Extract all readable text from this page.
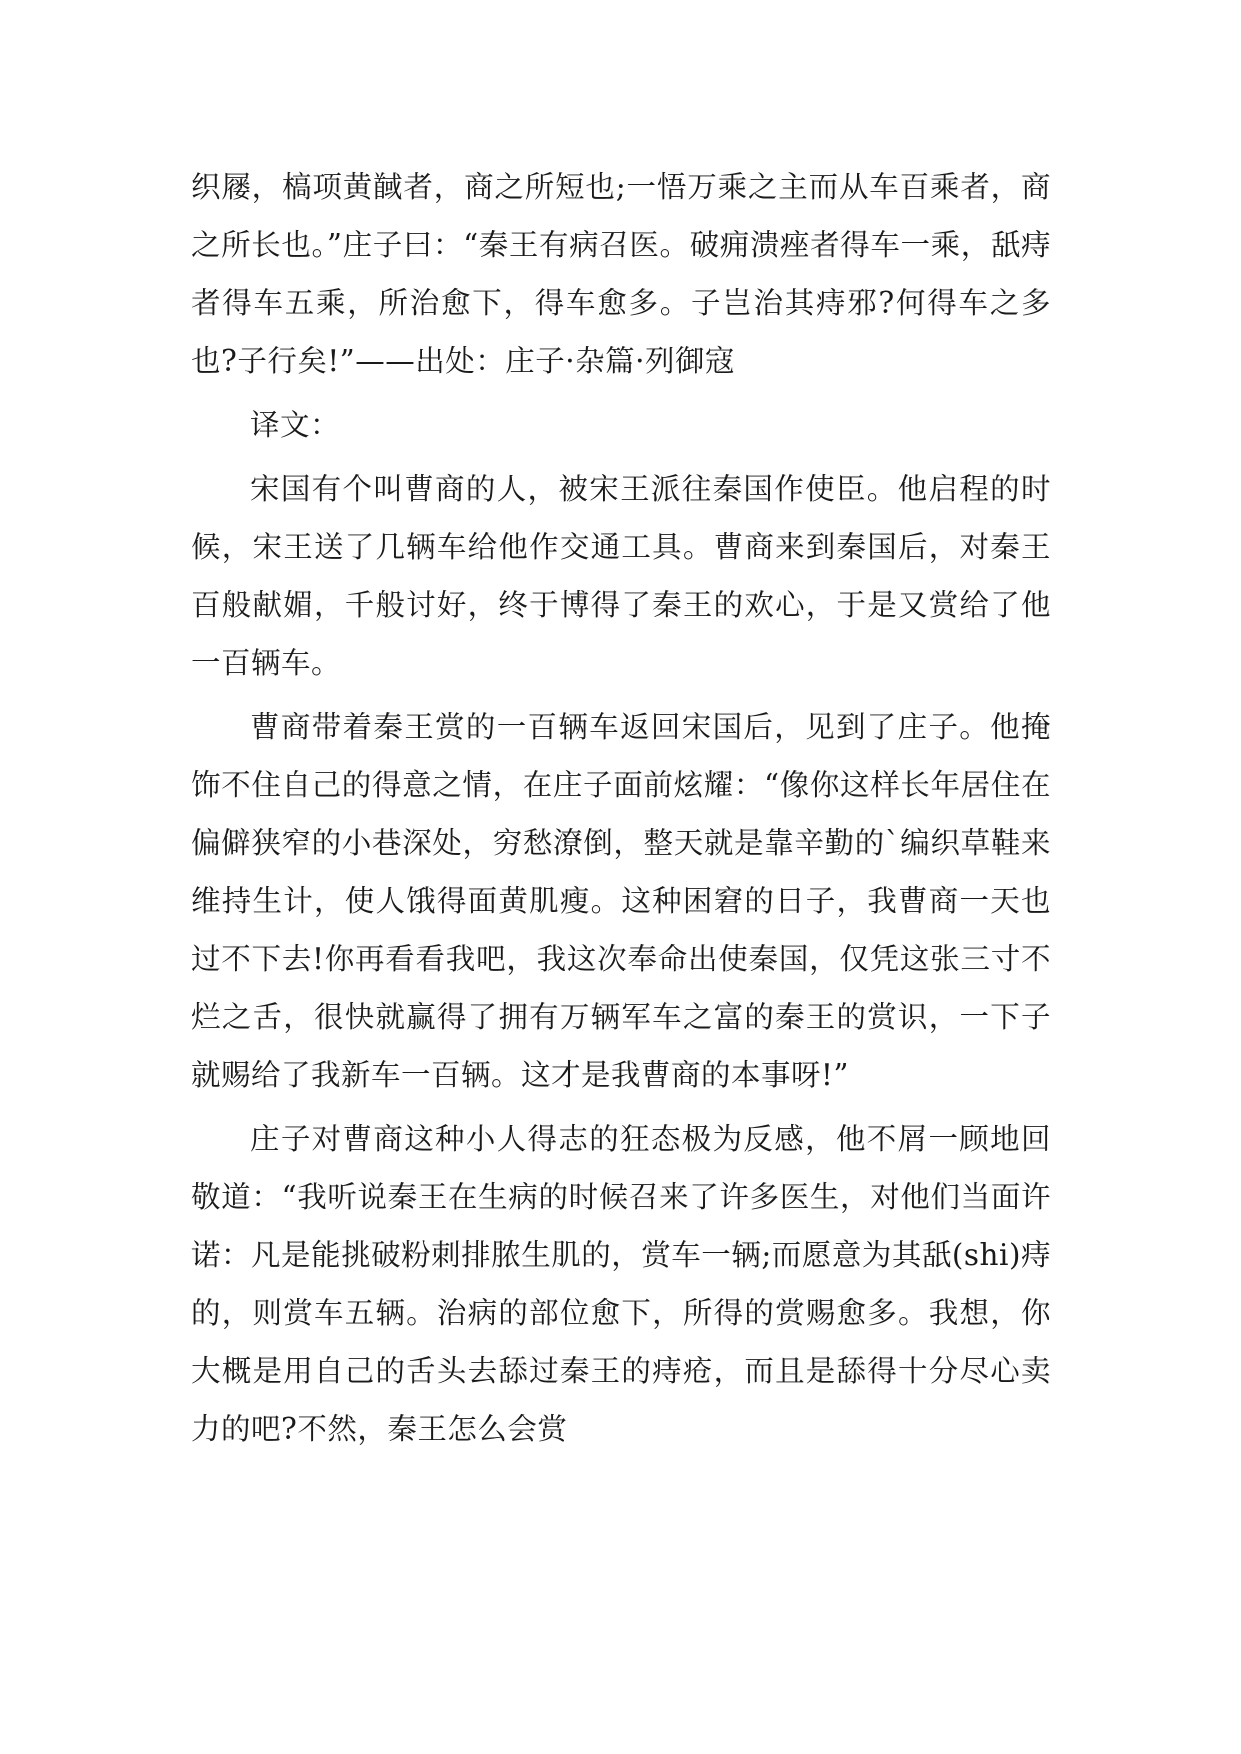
织屦，槁项黄馘者，商之所短也;一悟万乘之主而从车百乘者，商之所长也。”庄子曰：“秦王有病召医。破痈溃痤者得车一乘，舐痔者得车五乘，所治愈下，得车愈多。子岂治其痔邪?何得车之多也?子行矣!”——出处：庄子·杂篇·列御寇

译文：

宋国有个叫曹商的人，被宋王派往秦国作使臣。他启程的时候，宋王送了几辆车给他作交通工具。曹商来到秦国后，对秦王百般献媚，千般讨好，终于博得了秦王的欢心，于是又赏给了他一百辆车。

曹商带着秦王赏的一百辆车返回宋国后，见到了庄子。他掩饰不住自己的得意之情，在庄子面前炫耀：“像你这样长年居住在偏僻狭窄的小巷深处，穷愁潦倒，整天就是靠辛勤的`编织草鞋来维持生计，使人饿得面黄肌瘦。这种困窘的日子，我曹商一天也过不下去!你再看看我吧，我这次奉命出使秦国，仅凭这张三寸不烂之舌，很快就赢得了拥有万辆军车之富的秦王的赏识，一下子就赐给了我新车一百辆。这才是我曹商的本事呀!”

庄子对曹商这种小人得志的狂态极为反感，他不屑一顾地回敬道：“我听说秦王在生病的时候召来了许多医生，对他们当面许诺：凡是能挑破粉刺排脓生肌的，赏车一辆;而愿意为其舐(shi)痔的，则赏车五辆。治病的部位愈下，所得的赏赐愈多。我想，你大概是用自己的舌头去舔过秦王的痔疮，而且是舔得十分尽心卖力的吧?不然，秦王怎么会赏
